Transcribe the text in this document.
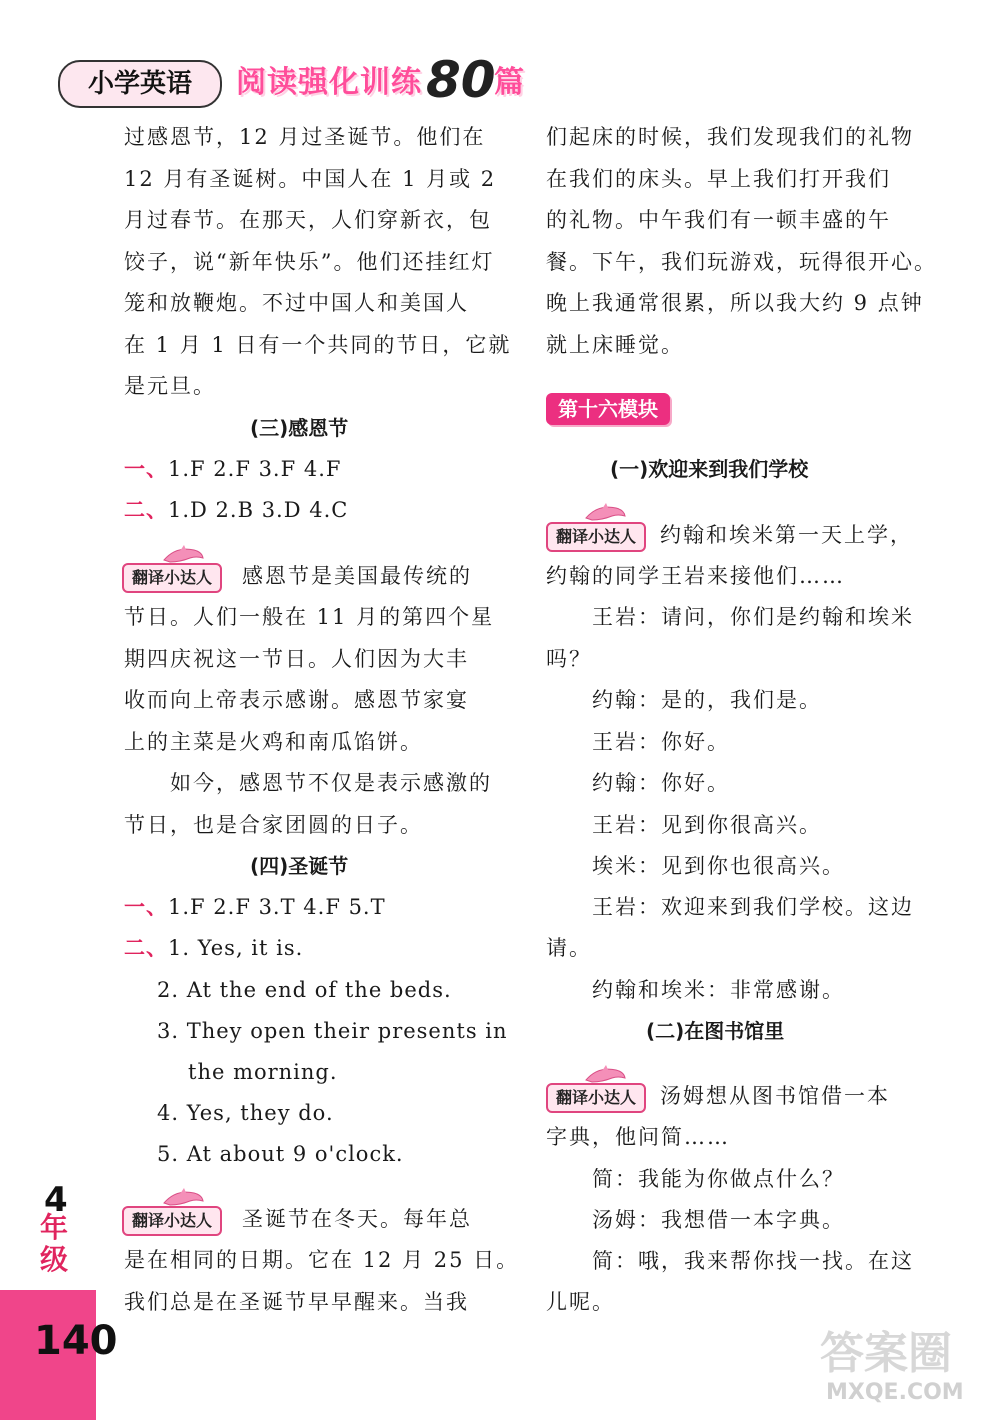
小学英语	阅读强化训练 80
篇
过感恩节，12 月过圣诞节。他们在
12 月有圣诞树。中国人在 1 月或 2
月过春节。在那天，人们穿新衣，包
饺子，说“新年快乐”。他们还挂红灯
笼和放鞭炮。不过中国人和美国人
在 1 月 1 日有一个共同的节日，它就
是元旦。
(三)感恩节
一、1.F 2.F 3.F 4.F
二、1.D 2.B 3.D 4.C
翻译小达人	感恩节是美国最传统的
节日。人们一般在 11 月的第四个星
期四庆祝这一节日。人们因为大丰
收而向上帝表示感谢。感恩节家宴
上的主菜是火鸡和南瓜馅饼。
如今，感恩节不仅是表示感激的
节日，也是合家团圆的日子。
(四)圣诞节
一、1.F 2.F 3.T 4.F 5.T
二、1. Yes, it is.
2. At the end of the beds.
3. They open their presents in
the morning.
4. Yes, they do.
5. At about 9 o'clock.
翻译小达人	圣诞节在冬天。每年总
是在相同的日期。它在 12 月 25 日。
我们总是在圣诞节早早醒来。当我
们起床的时候，我们发现我们的礼物
在我们的床头。早上我们打开我们
的礼物。中午我们有一顿丰盛的午
餐。下午，我们玩游戏，玩得很开心。
晚上我通常很累，所以我大约 9 点钟
就上床睡觉。
第十六模块
(一)欢迎来到我们学校
翻译小达人	约翰和埃米第一天上学，
约翰的同学王岩来接他们……
王岩：请问，你们是约翰和埃米
吗？
约翰：是的，我们是。
王岩：你好。
约翰：你好。
王岩：见到你很高兴。
埃米：见到你也很高兴。
王岩：欢迎来到我们学校。这边
请。
约翰和埃米：非常感谢。
(二)在图书馆里
翻译小达人	汤姆想从图书馆借一本
字典，他问简……
简：我能为你做点什么？
汤姆：我想借一本字典。
简：哦，我来帮你找一找。在这
儿呢。
4
年级
140	答案圈
MXQE.COM
